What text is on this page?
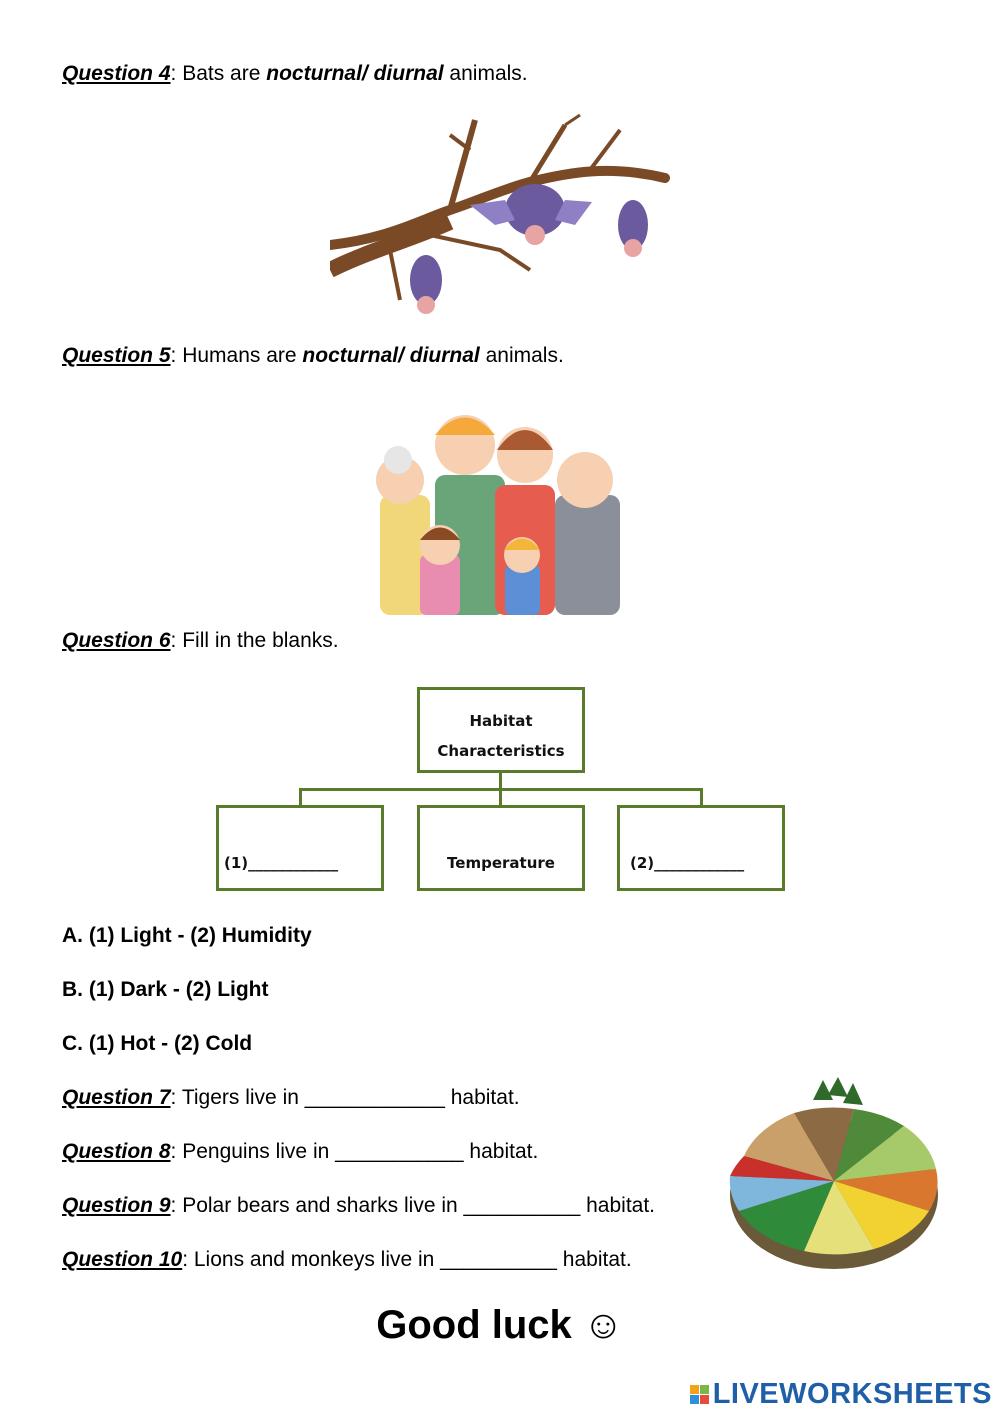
Question 4: Bats are nocturnal/ diurnal animals.
Question 5: Humans are nocturnal/ diurnal animals.
Question 6: Fill in the blanks.
Habitat
Characteristics
(1)____________	Temperature	(2)____________
A. (1) Light - (2) Humidity
B. (1) Dark - (2) Light
C. (1) Hot - (2) Cold
Question 7: Tigers live in ____________ habitat.
Question 8: Penguins live in ___________ habitat.
Question 9: Polar bears and sharks live in __________ habitat.
Question 10: Lions and monkeys live in __________ habitat.
Good luck ☺
LIVEWORKSHEETS
